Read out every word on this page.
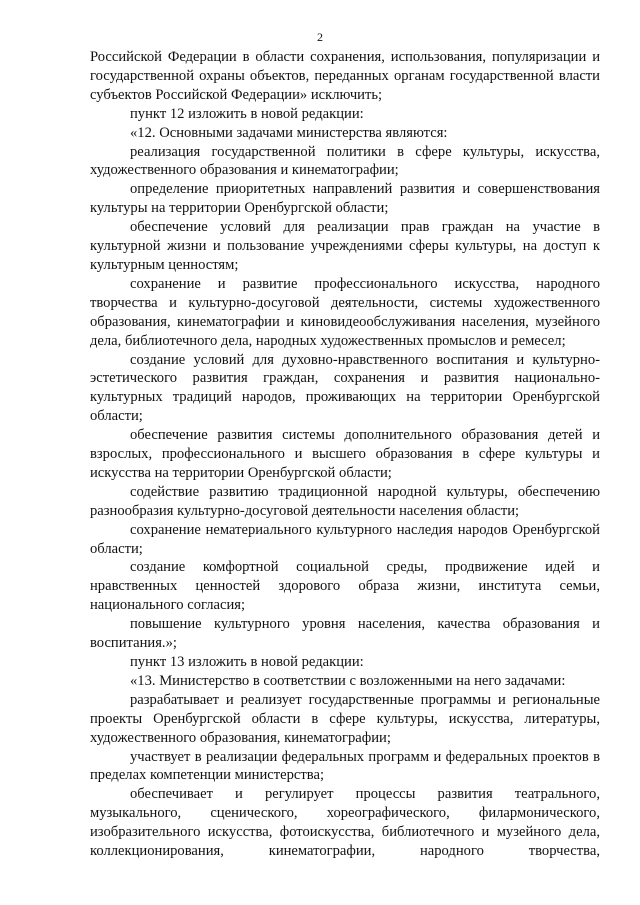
2

Российской Федерации в области сохранения, использования, популяризации и государственной охраны объектов, переданных органам государственной власти субъектов Российской Федерации» исключить;

пункт 12 изложить в новой редакции:

«12. Основными задачами министерства являются:

реализация государственной политики в сфере культуры, искусства, художественного образования и кинематографии;

определение приоритетных направлений развития и совершенствования культуры на территории Оренбургской области;

обеспечение условий для реализации прав граждан на участие в культурной жизни и пользование учреждениями сферы культуры, на доступ к культурным ценностям;

сохранение и развитие профессионального искусства, народного творчества и культурно-досуговой деятельности, системы художественного образования, кинематографии и киновидеообслуживания населения, музейного дела, библиотечного дела, народных художественных промыслов и ремесел;

создание условий для духовно-нравственного воспитания и культурно-эстетического развития граждан, сохранения и развития национально-культурных традиций народов, проживающих на территории Оренбургской области;

обеспечение развития системы дополнительного образования детей и взрослых, профессионального и высшего образования в сфере культуры и искусства на территории Оренбургской области;

содействие развитию традиционной народной культуры, обеспечению разнообразия культурно-досуговой деятельности населения области;

сохранение нематериального культурного наследия народов Оренбургской области;

создание комфортной социальной среды, продвижение идей и нравственных ценностей здорового образа жизни, института семьи, национального согласия;

повышение культурного уровня населения, качества образования и воспитания.»;

пункт 13 изложить в новой редакции:

«13. Министерство в соответствии с возложенными на него задачами:

разрабатывает и реализует государственные программы и региональные проекты Оренбургской области в сфере культуры, искусства, литературы, художественного образования, кинематографии;

участвует в реализации федеральных программ и федеральных проектов в пределах компетенции министерства;

обеспечивает и регулирует процессы развития театрального, музыкального, сценического, хореографического, филармонического, изобразительного искусства, фотоискусства, библиотечного и музейного дела, коллекционирования, кинематографии, народного творчества,
